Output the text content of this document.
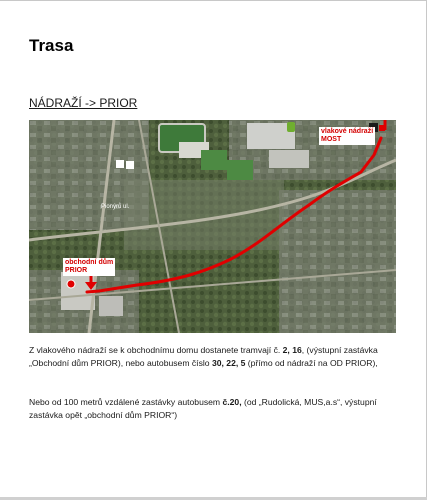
Trasa
NÁDRAŽÍ -> PRIOR
vlakové nádraží
MOST
obchodní dům
PRIOR
Pionýrů ul.
Z vlakového nádraží se k obchodnímu domu dostanete tramvají č. 2, 16, (výstupní zastávka „Obchodní dům PRIOR), nebo autobusem číslo 30, 22, 5 (přímo od nádraží na OD PRIOR),
Nebo od 100 metrů vzdálené zastávky autobusem č.20, (od „Rudolická, MUS,a.s“, výstupní zastávka opět „obchodní dům PRIOR“)
